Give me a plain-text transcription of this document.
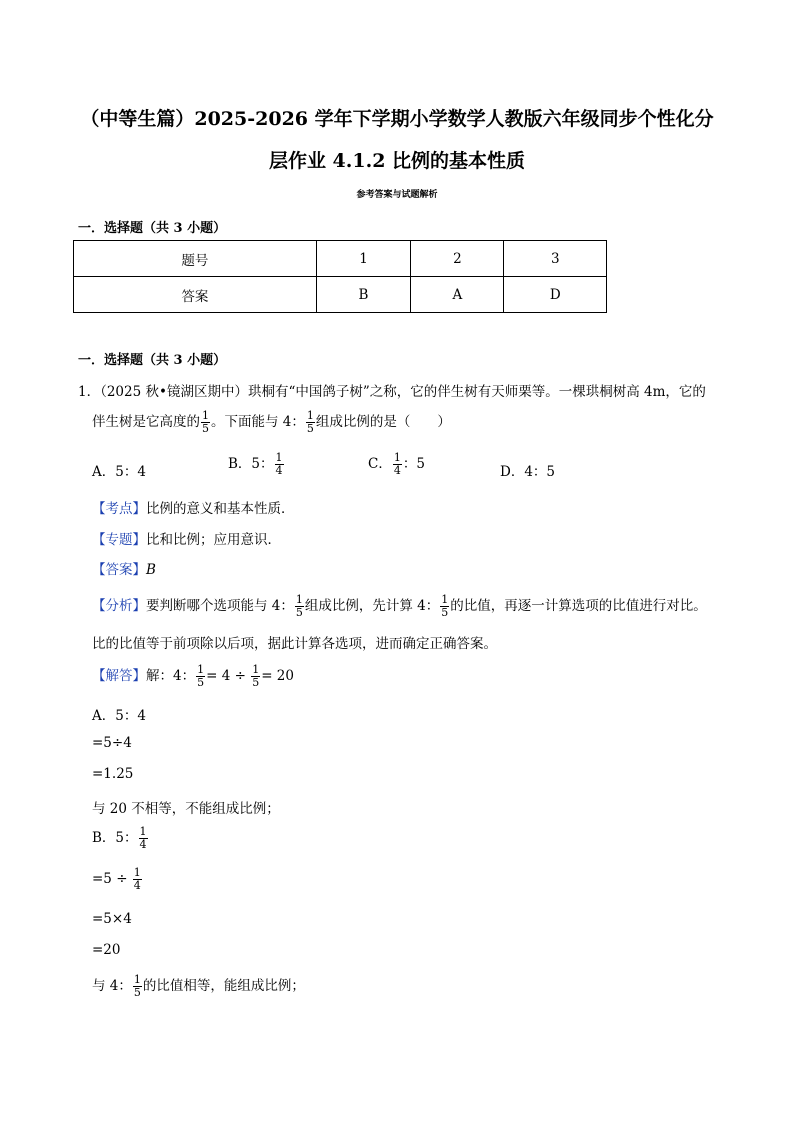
（中等生篇）2025-2026 学年下学期小学数学人教版六年级同步个性化分
层作业 4.1.2 比例的基本性质
参考答案与试题解析
一．选择题（共 3 小题）
题号	1	2	3
答案	B	A	D
一．选择题（共 3 小题）
1．（2025 秋•镜湖区期中）珙桐有“中国鸽子树”之称，它的伴生树有天师栗等。一棵珙桐树高 4m，它的
伴生树是它高度的 $\frac{1}{5}$ 。下面能与 4： $\frac{1}{5}$ 组成比例的是（　　）
A．5：4	B．5： $\frac{1}{4}$	C． $\frac{1}{4}$ ：5	D．4：5
【考点】比例的意义和基本性质．
【专题】比和比例；应用意识．
【答案】B
【分析】要判断哪个选项能与 4： $\frac{1}{5}$ 组成比例，先计算 4： $\frac{1}{5}$ 的比值，再逐一计算选项的比值进行对比。
比的比值等于前项除以后项，据此计算各选项，进而确定正确答案。
【解答】解：4： $\frac{1}{5} = 4 \div \frac{1}{5} = 20$
A．5：4
=5÷4
=1.25
与 20 不相等，不能组成比例；
B．5： $\frac{1}{4}$
$=5 \div \frac{1}{4}$
=5×4
=20
与 4： $\frac{1}{5}$ 的比值相等，能组成比例；
